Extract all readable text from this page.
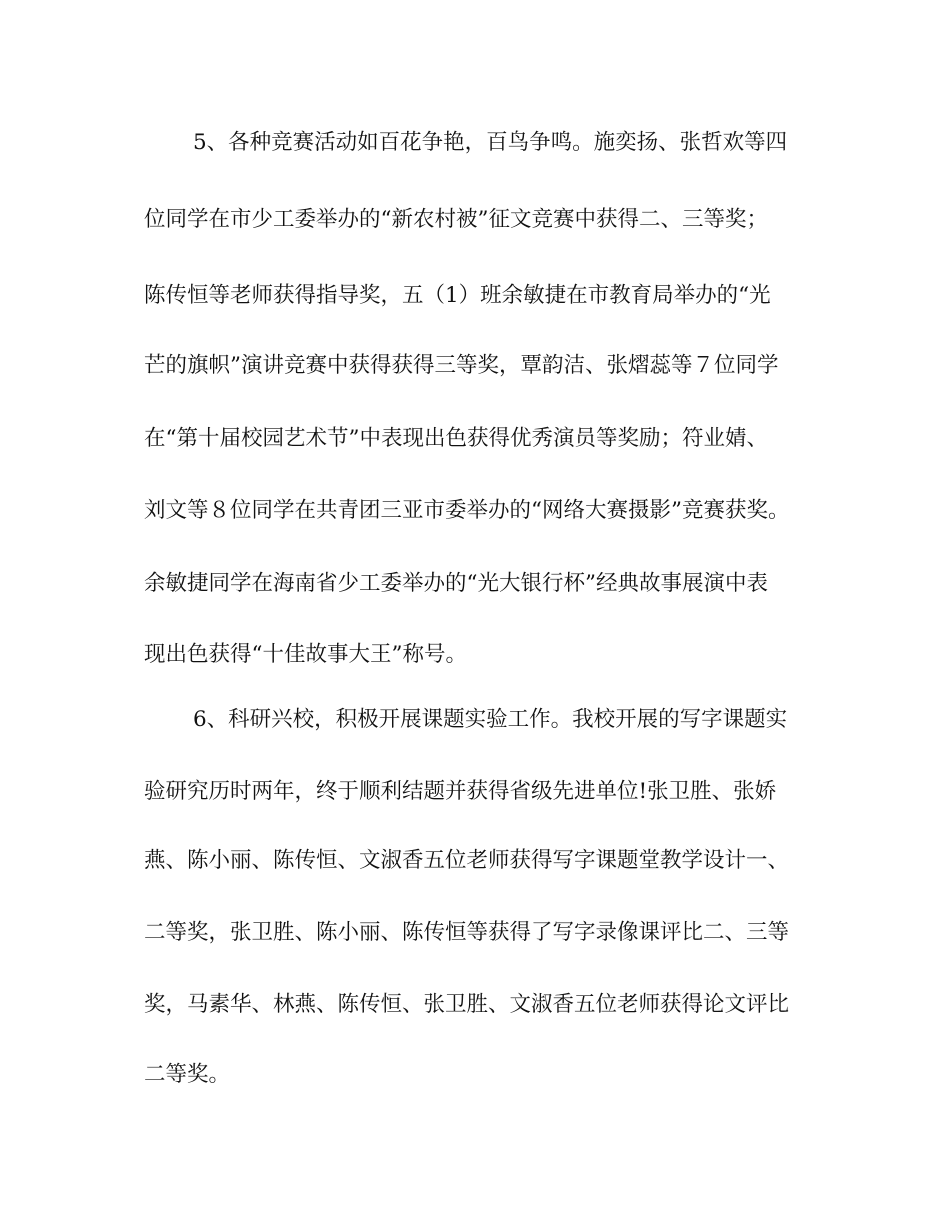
5、各种竞赛活动如百花争艳，百鸟争鸣。施奕扬、张哲欢等四
位同学在市少工委举办的“新农村被”征文竞赛中获得二、三等奖；
陈传恒等老师获得指导奖，五（1）班余敏捷在市教育局举办的“光
芒的旗帜”演讲竞赛中获得获得三等奖，覃韵洁、张熠蕊等７位同学
在“第十届校园艺术节”中表现出色获得优秀演员等奖励；符业婧、
刘文等８位同学在共青团三亚市委举办的“网络大赛摄影”竞赛获奖。
余敏捷同学在海南省少工委举办的“光大银行杯”经典故事展演中表
现出色获得“十佳故事大王”称号。
6、科研兴校，积极开展课题实验工作。我校开展的写字课题实
验研究历时两年，终于顺利结题并获得省级先进单位!张卫胜、张娇
燕、陈小丽、陈传恒、文淑香五位老师获得写字课题堂教学设计一、
二等奖，张卫胜、陈小丽、陈传恒等获得了写字录像课评比二、三等
奖，马素华、林燕、陈传恒、张卫胜、文淑香五位老师获得论文评比
二等奖。
